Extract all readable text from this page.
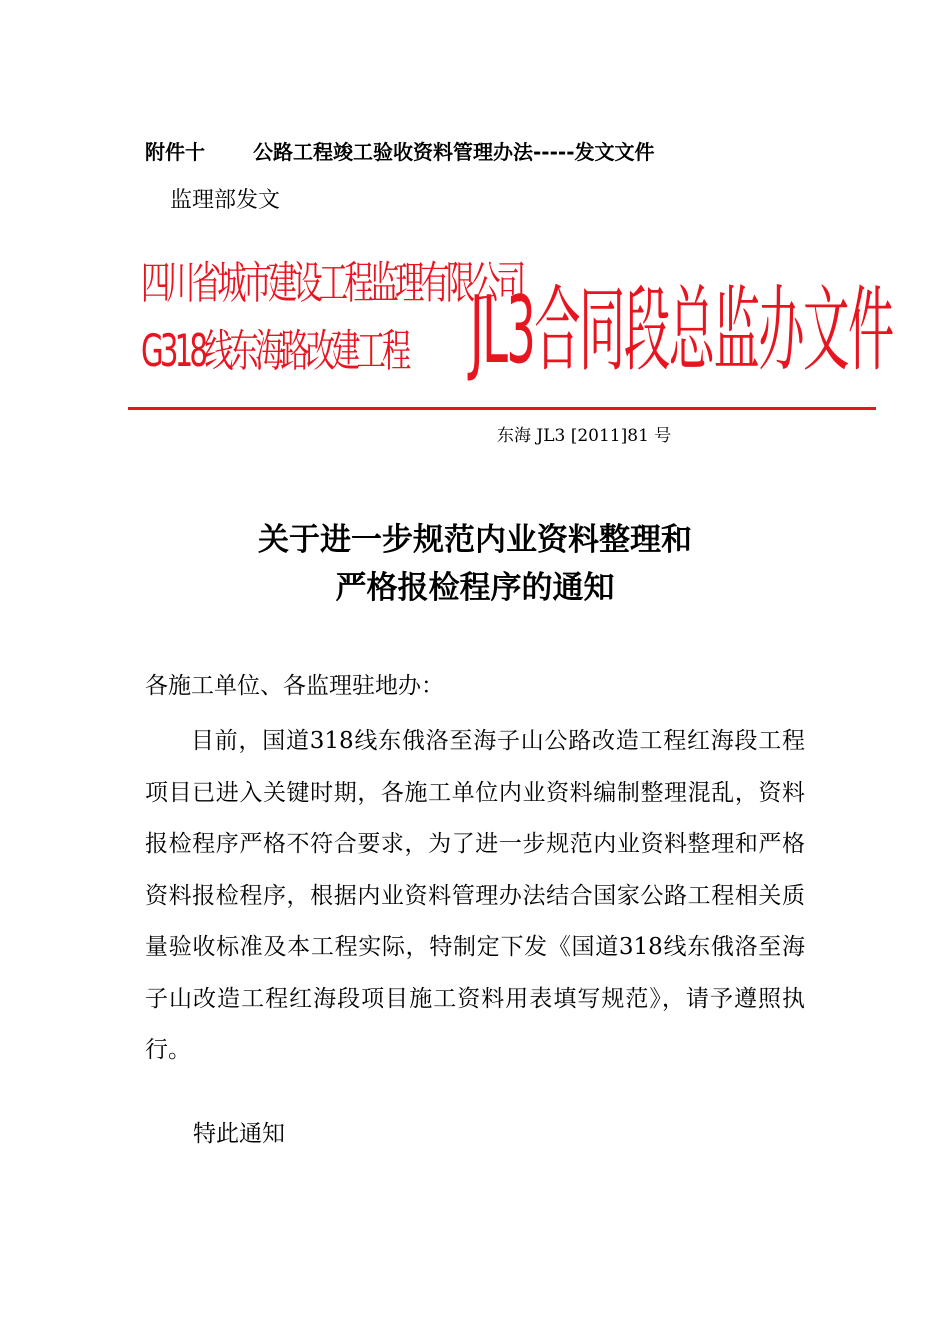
附件十 公路工程竣工验收资料管理办法-----发文文件
监理部发文
四川省城市建设工程监理有限公司
G318线东海路改建工程 JL3合同段总监办文件
东海 JL3 [2011]81 号
关于进一步规范内业资料整理和
严格报检程序的通知
各施工单位、各监理驻地办：
目前，国道318线东俄洛至海子山公路改造工程红海段工程项目已进入关键时期，各施工单位内业资料编制整理混乱，资料报检程序严格不符合要求，为了进一步规范内业资料整理和严格资料报检程序，根据内业资料管理办法结合国家公路工程相关质量验收标准及本工程实际，特制定下发《国道318线东俄洛至海子山改造工程红海段项目施工资料用表填写规范》，请予遵照执行。
特此通知
